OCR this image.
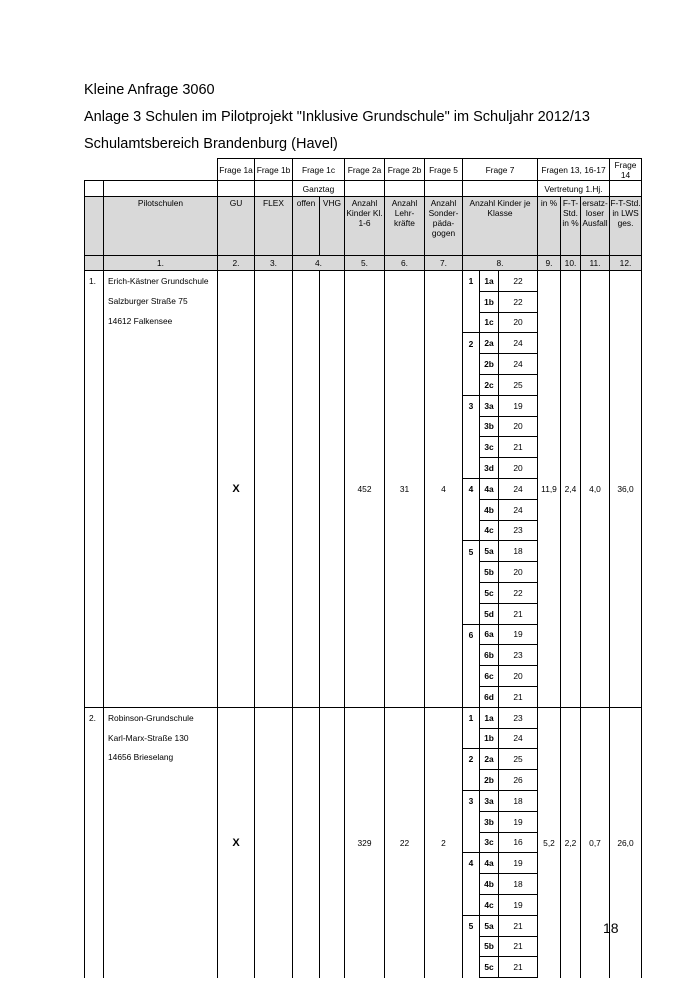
Kleine Anfrage 3060
Anlage 3 Schulen im Pilotprojekt "Inklusive Grundschule" im Schuljahr 2012/13
Schulamtsbereich Brandenburg (Havel)
		Frage 1a	Frage 1b	Frage 1c		Frage 2a	Frage 2b	Frage 5	Frage 7			Fragen 13, 16-17			Frage 14
				Ganztag								Vertretung 1.Hj.			
	Pilotschulen	GU	FLEX	offen	VHG	Anzahl Kinder Kl. 1-6	Anzahl Lehr-kräfte	Anzahl Sonder-päda-gogen	Anzahl Kinder je Klasse			in %	F-T-Std. in %	ersatz-loser Ausfall	F-T-Std. in LWS ges.
	1.	2.	3.	4.		5.	6.	7.	8.			9.	10.	11.	12.
1.	Erich-Kästner Grundschule
Salzburger Straße 75
14612 Falkensee	X				452	31	4	1	1a	22	11,9	2,4	4,0	36,0
										1b	22				
										1c	20				
									2	2a	24				
										2b	24				
										2c	25				
									3	3a	19				
										3b	20				
										3c	21				
										3d	20				
									4	4a	24				
										4b	24				
										4c	23				
									5	5a	18				
										5b	20				
										5c	22				
										5d	21				
									6	6a	19				
										6b	23				
										6c	20				
										6d	21				
2.	Robinson-Grundschule
Karl-Marx-Straße 130
14656 Brieselang	X				329	22	2	1	1a	23	5,2	2,2	0,7	26,0
										1b	24				
									2	2a	25				
										2b	26				
									3	3a	18				
										3b	19				
										3c	16				
									4	4a	19				
										4b	18				
										4c	19				
									5	5a	21				
										5b	21				
										5c	21				
18
